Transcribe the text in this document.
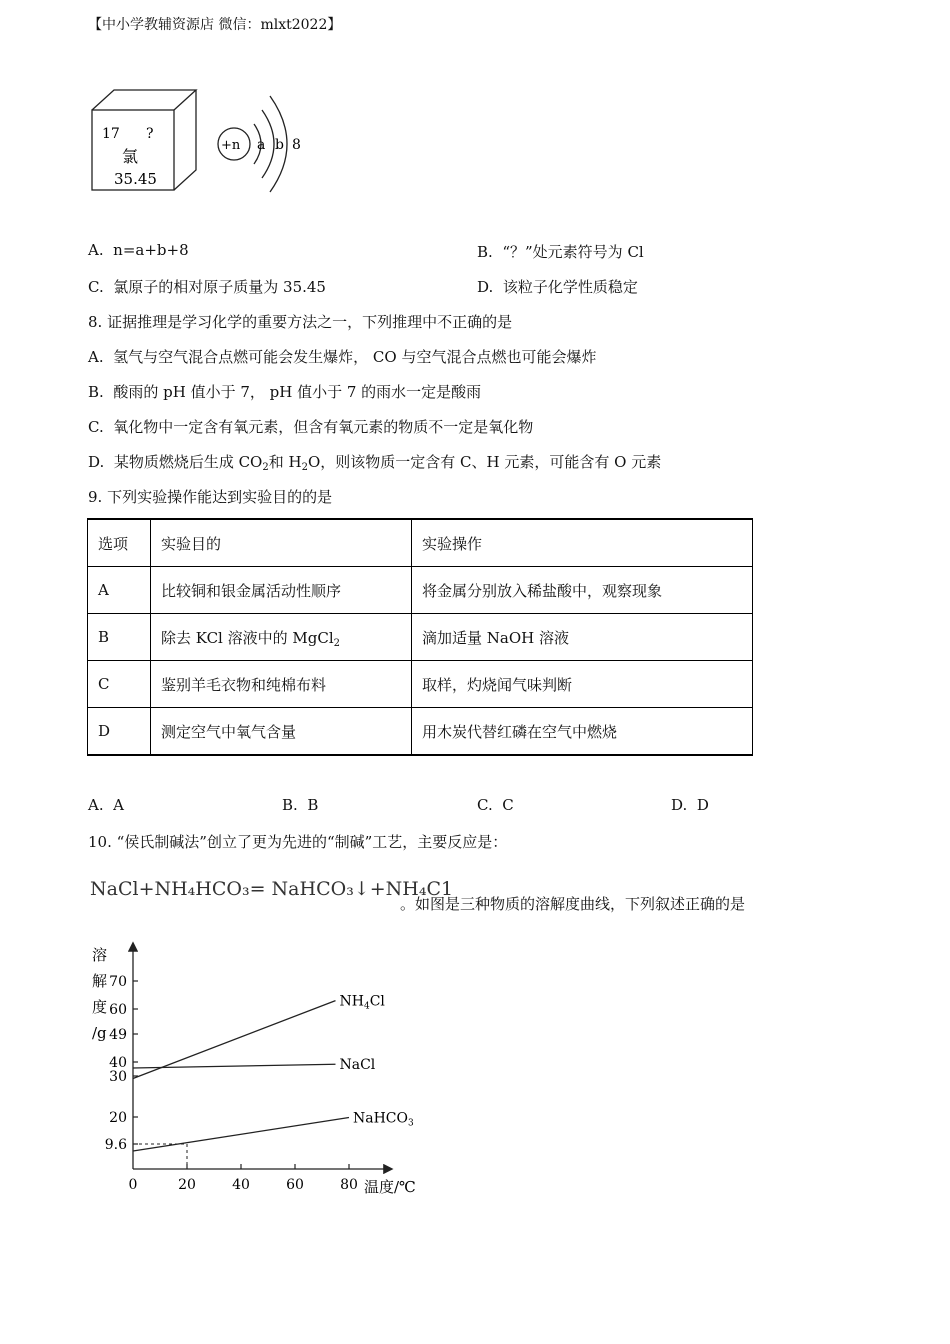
【中小学教辅资源店 微信：mlxt2022】
17 ?
氯
35.45
+n a b 8
A. n=a+b+8	B. “？”处元素符号为 Cl
C. 氯原子的相对原子质量为 35.45	D. 该粒子化学性质稳定
8. 证据推理是学习化学的重要方法之一，下列推理中不正确的是
A. 氢气与空气混合点燃可能会发生爆炸， CO 与空气混合点燃也可能会爆炸
B. 酸雨的 pH 值小于 7， pH 值小于 7 的雨水一定是酸雨
C. 氧化物中一定含有氧元素，但含有氧元素的物质不一定是氧化物
D. 某物质燃烧后生成 $CO_2$和 $H_2O$，则该物质一定含有 C、H 元素，可能含有 O 元素
9. 下列实验操作能达到实验目的的是
选项	实验目的	实验操作
A	比较铜和银金属活动性顺序	将金属分别放入稀盐酸中，观察现象
B	除去 KCl 溶液中的 MgCl$_2$	滴加适量 NaOH 溶液
C	鉴别羊毛衣物和纯棉布料	取样，灼烧闻气味判断
D	测定空气中氧气含量	用木炭代替红磷在空气中燃烧
A. A	B. B	C. C	D. D
10. “侯氏制碱法”创立了更为先进的“制碱”工艺，主要反应是：
NaCl+NH₄HCO₃= NaHCO₃↓+NH₄C1
。如图是三种物质的溶解度曲线，下列叙述正确的是
溶
解
度
/g
温度/℃
9.6
20
30
40
49
60
70
0	20	40	60	80
$NH_4Cl$
NaCl
NaHCO$_3$
